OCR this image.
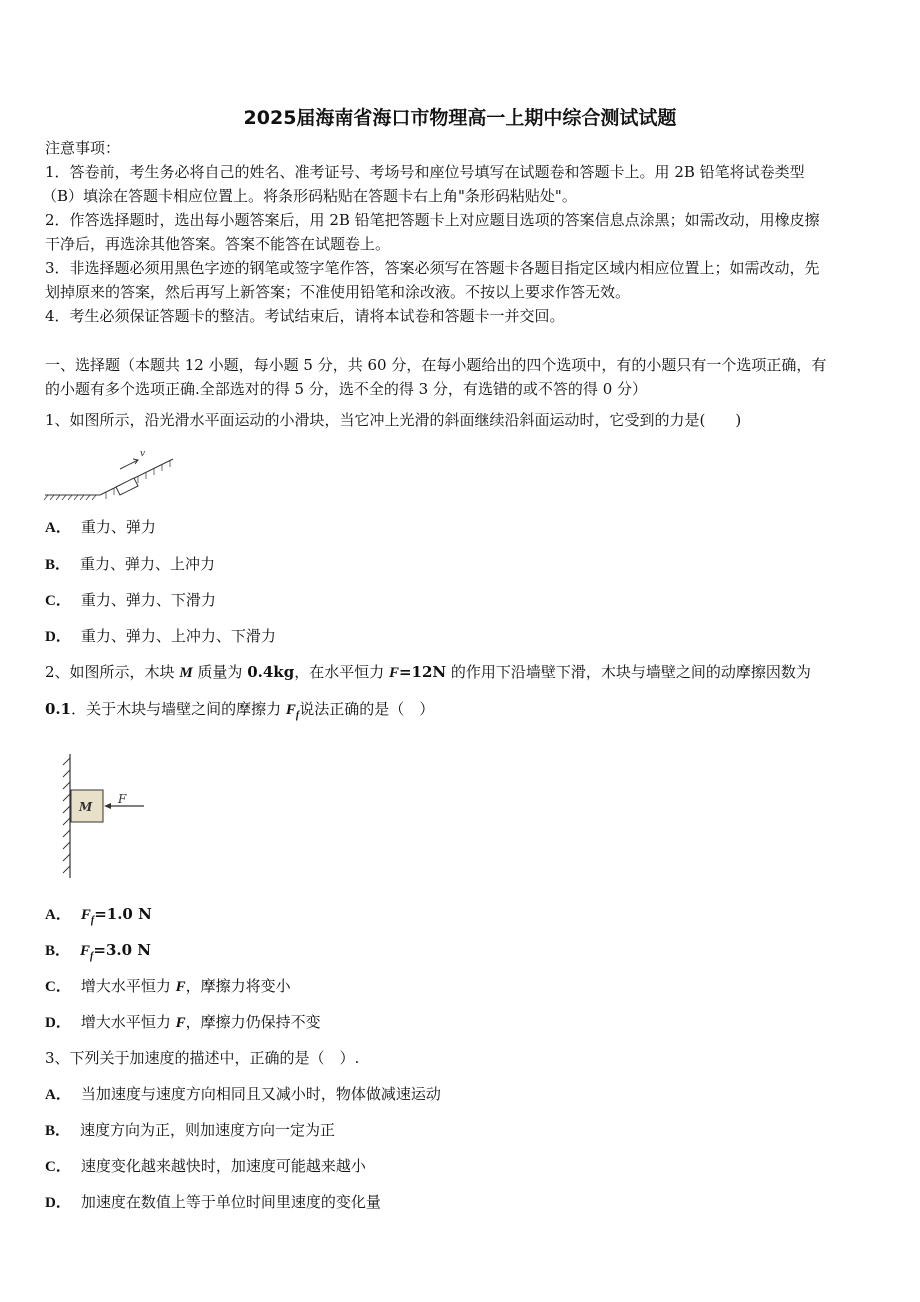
2025届海南省海口市物理高一上期中综合测试试题
注意事项：
1．答卷前，考生务必将自己的姓名、准考证号、考场号和座位号填写在试题卷和答题卡上。用 2B 铅笔将试卷类型
（B）填涂在答题卡相应位置上。将条形码粘贴在答题卡右上角"条形码粘贴处"。
2．作答选择题时，选出每小题答案后，用 2B 铅笔把答题卡上对应题目选项的答案信息点涂黑；如需改动，用橡皮擦
干净后，再选涂其他答案。答案不能答在试题卷上。
3．非选择题必须用黑色字迹的钢笔或签字笔作答，答案必须写在答题卡各题目指定区域内相应位置上；如需改动，先
划掉原来的答案，然后再写上新答案；不准使用铅笔和涂改液。不按以上要求作答无效。
4．考生必须保证答题卡的整洁。考试结束后，请将本试卷和答题卡一并交回。
一、选择题（本题共 12 小题，每小题 5 分，共 60 分，在每小题给出的四个选项中，有的小题只有一个选项正确，有
的小题有多个选项正确.全部选对的得 5 分，选不全的得 3 分，有选错的或不答的得 0 分）
1、如图所示，沿光滑水平面运动的小滑块，当它冲上光滑的斜面继续沿斜面运动时，它受到的力是(　　)
v
A． 重力、弹力
B． 重力、弹力、上冲力
C． 重力、弹力、下滑力
D． 重力、弹力、上冲力、下滑力
2、如图所示，木块 M 质量为 0.4kg，在水平恒力 F=12N 的作用下沿墙壁下滑，木块与墙壁之间的动摩擦因数为
0.1．关于木块与墙壁之间的摩擦力 $F_f$说法正确的是（　）
M
F
A． $F_f=1.0$ N
B． $F_f=3.0$ N
C． 增大水平恒力 F，摩擦力将变小
D． 增大水平恒力 F，摩擦力仍保持不变
3、下列关于加速度的描述中，正确的是（　）.
A． 当加速度与速度方向相同且又减小时，物体做减速运动
B． 速度方向为正，则加速度方向一定为正
C． 速度变化越来越快时，加速度可能越来越小
D． 加速度在数值上等于单位时间里速度的变化量
